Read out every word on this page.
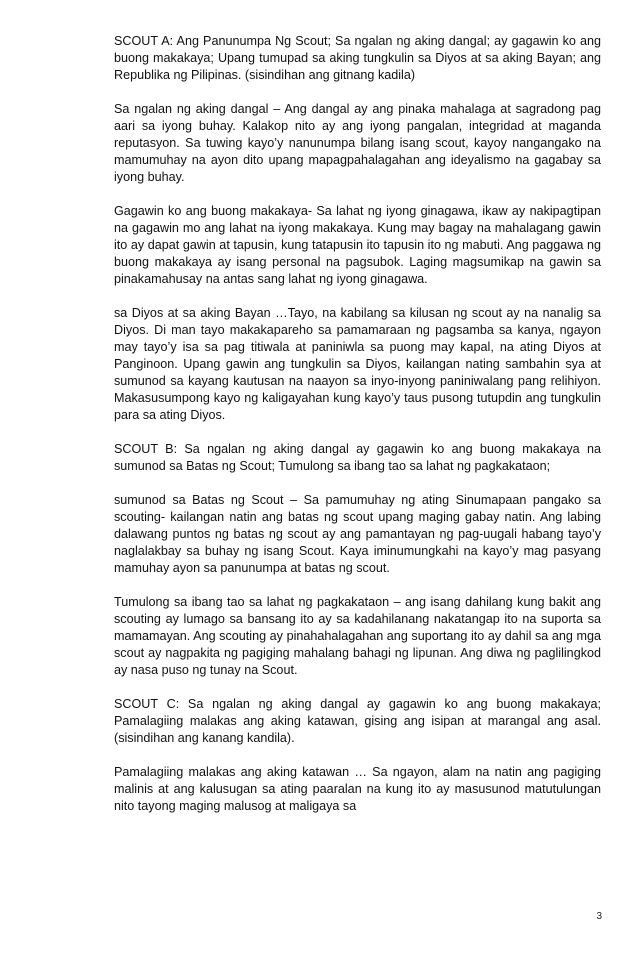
SCOUT A: Ang Panunumpa Ng Scout; Sa ngalan ng aking dangal; ay gagawin ko ang buong makakaya; Upang tumupad sa aking tungkulin sa Diyos at sa aking Bayan; ang Republika ng Pilipinas. (sisindihan ang gitnang kadila)

Sa ngalan ng aking dangal – Ang dangal ay ang pinaka mahalaga at sagradong pag aari sa iyong buhay. Kalakop nito ay ang iyong pangalan, integridad at maganda reputasyon. Sa tuwing kayo’y nanunumpa bilang isang scout, kayoy nangangako na mamumuhay na ayon dito upang mapagpahalagahan ang ideyalismo na gagabay sa iyong buhay.

Gagawin ko ang buong makakaya- Sa lahat ng iyong ginagawa, ikaw ay nakipagtipan na gagawin mo ang lahat na iyong makakaya. Kung may bagay na mahalagang gawin ito ay dapat gawin at tapusin, kung tatapusin ito tapusin ito ng mabuti. Ang paggawa ng buong makakaya ay isang personal na pagsubok. Laging magsumikap na gawin sa pinakamahusay na antas sang lahat ng iyong ginagawa.

sa Diyos at sa aking Bayan …Tayo, na kabilang sa kilusan ng scout ay na nanalig sa Diyos. Di man tayo makakapareho sa pamamaraan ng pagsamba sa kanya, ngayon may tayo’y isa sa pag titiwala at paniniwla sa puong may kapal, na ating Diyos at Panginoon. Upang gawin ang tungkulin sa Diyos, kailangan nating sambahin sya at sumunod sa kayang kautusan na naayon sa inyo-inyong paniniwalang pang relihiyon. Makasusumpong kayo ng kaligayahan kung kayo’y taus pusong tutupdin ang tungkulin para sa ating Diyos.

SCOUT B: Sa ngalan ng aking dangal ay gagawin ko ang buong makakaya na sumunod sa Batas ng Scout; Tumulong sa ibang tao sa lahat ng pagkakataon;

sumunod sa Batas ng Scout – Sa pamumuhay ng ating Sinumapaan pangako sa scouting- kailangan natin ang batas ng scout upang maging gabay natin. Ang labing dalawang puntos ng batas ng scout ay ang pamantayan ng pag-uugali habang tayo’y naglalakbay sa buhay ng isang Scout. Kaya iminumungkahi na kayo’y mag pasyang mamuhay ayon sa panunumpa at batas ng scout.

Tumulong sa ibang tao sa lahat ng pagkakataon – ang isang dahilang kung bakit ang scouting ay lumago sa bansang ito ay sa kadahilanang nakatangap ito na suporta sa mamamayan. Ang scouting ay pinahahalagahan ang suportang ito ay dahil sa ang mga scout ay nagpakita ng pagiging mahalang bahagi ng lipunan. Ang diwa ng paglilingkod ay nasa puso ng tunay na Scout.

SCOUT C: Sa ngalan ng aking dangal ay gagawin ko ang buong makakaya; Pamalagiing malakas ang aking katawan, gising ang isipan at marangal ang asal. (sisindihan ang kanang kandila).

Pamalagiing malakas ang aking katawan … Sa ngayon, alam na natin ang pagiging malinis at ang kalusugan sa ating paaralan na kung ito ay masusunod matutulungan nito tayong maging malusog at maligaya sa

3
